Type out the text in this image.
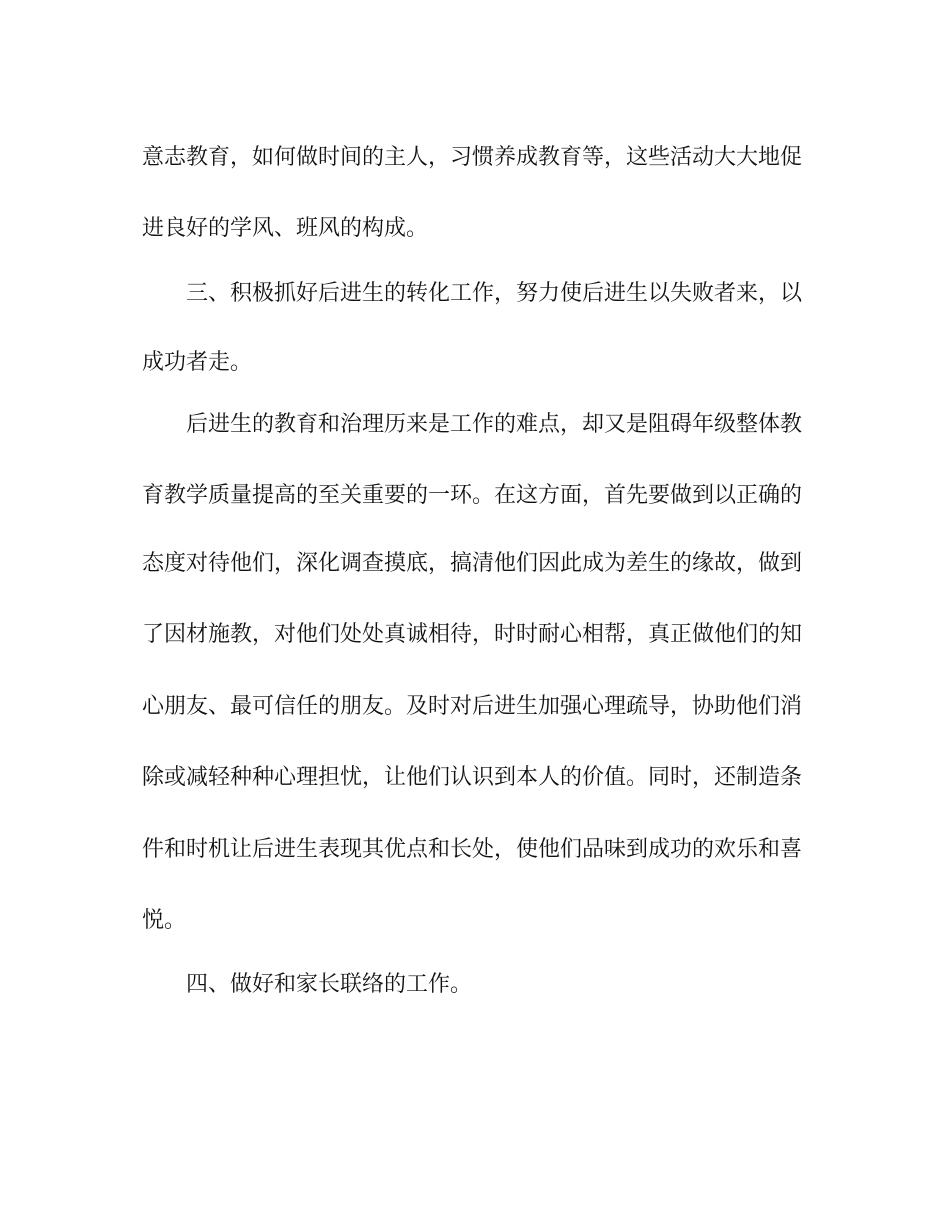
意志教育，如何做时间的主人，习惯养成教育等，这些活动大大地促
进良好的学风、班风的构成。
三、积极抓好后进生的转化工作，努力使后进生以失败者来，以
成功者走。
后进生的教育和治理历来是工作的难点，却又是阻碍年级整体教
育教学质量提高的至关重要的一环。在这方面，首先要做到以正确的
态度对待他们，深化调查摸底，搞清他们因此成为差生的缘故，做到
了因材施教，对他们处处真诚相待，时时耐心相帮，真正做他们的知
心朋友、最可信任的朋友。及时对后进生加强心理疏导，协助他们消
除或减轻种种心理担忧，让他们认识到本人的价值。同时，还制造条
件和时机让后进生表现其优点和长处，使他们品味到成功的欢乐和喜
悦。
四、做好和家长联络的工作。
